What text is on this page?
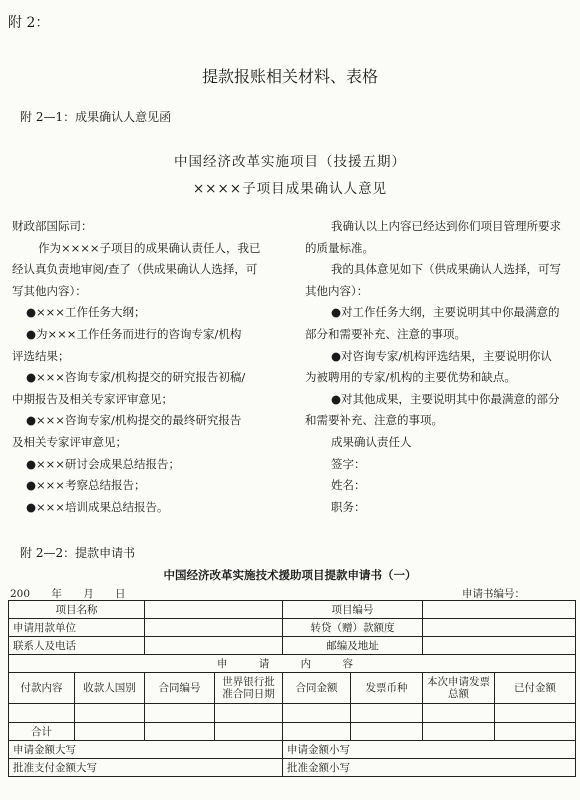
附 2：
提款报账相关材料、表格
附 2—1：成果确认人意见函
中国经济改革实施项目（技援五期）
××××子项目成果确认人意见

财政部国际司：

作为××××子项目的成果确认责任人，我已

经认真负责地审阅/查了（供成果确认人选择，可

写其他内容）：

●×××工作任务大纲；

●为×××工作任务而进行的咨询专家/机构

评选结果；

●×××咨询专家/机构提交的研究报告初稿/

中期报告及相关专家评审意见；

●×××咨询专家/机构提交的最终研究报告

及相关专家评审意见；

●×××研讨会成果总结报告；

●×××考察总结报告；

●×××培训成果总结报告。

我确认以上内容已经达到你们项目管理所要求

的质量标准。

我的具体意见如下（供成果确认人选择，可写

其他内容）：

●对工作任务大纲，主要说明其中你最满意的

部分和需要补充、注意的事项。

●对咨询专家/机构评选结果，主要说明你认

为被聘用的专家/机构的主要优势和缺点。

●对其他成果，主要说明其中你最满意的部分

和需要补充、注意的事项。

成果确认责任人

签字：

姓名：

职务：

附 2—2：提款申请书
中国经济改革实施技术援助项目提款申请书（一）
200 年 月 日	申请书编号：
项目名称				项目编号			
申请用款单位				转贷（赠）款额度			
联系人及电话				邮编及地址			
申 请 内 容							
付款内容	收款人国别	合同编号	世界银行批准合同日期	合同金额	发票币种	本次申请发票总额	已付金额

合计							
申请金额大写				申请金额小写			
批准支付金额大写				批准金额小写			
